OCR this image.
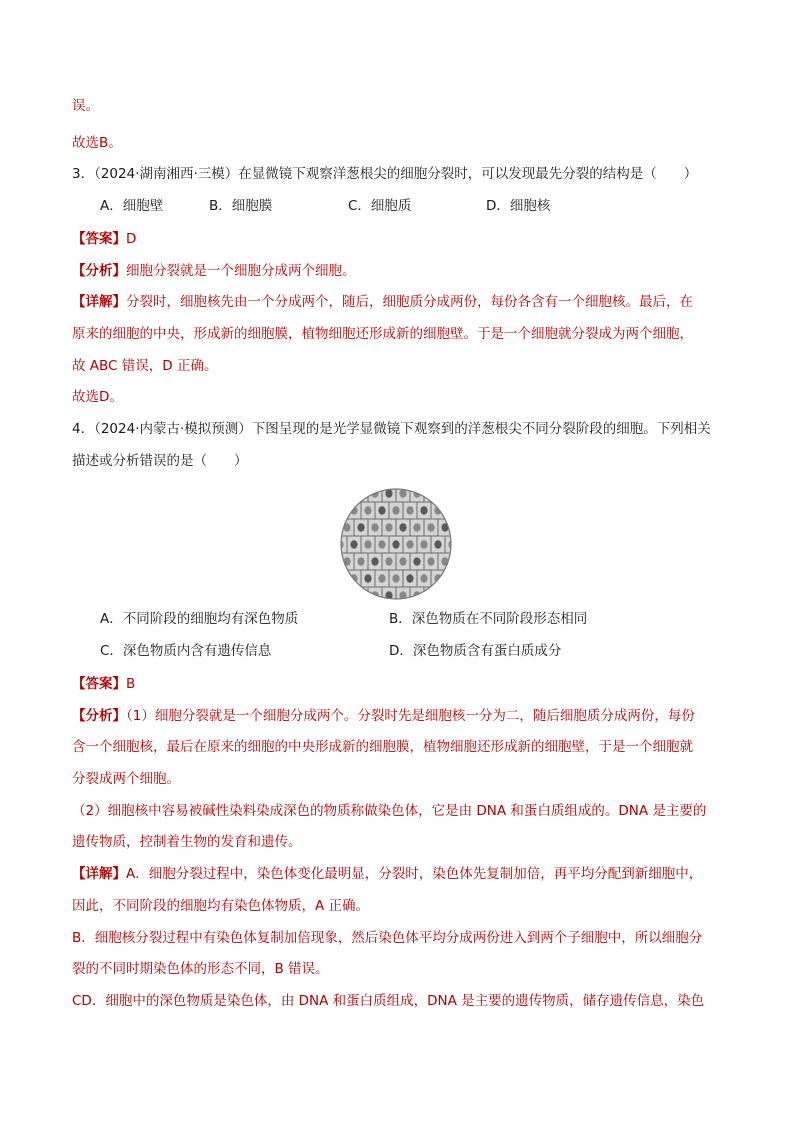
误。
故选B。
3．（2024·湖南湘西·三模）在显微镜下观察洋葱根尖的细胞分裂时，可以发现最先分裂的结构是（　　）
A．细胞壁	B．细胞膜	C．细胞质	D．细胞核
【答案】D
【分析】细胞分裂就是一个细胞分成两个细胞。
【详解】分裂时，细胞核先由一个分成两个，随后，细胞质分成两份，每份各含有一个细胞核。最后，在
原来的细胞的中央，形成新的细胞膜，植物细胞还形成新的细胞壁。于是一个细胞就分裂成为两个细胞，
故 ABC 错误，D 正确。
故选D。
4．（2024·内蒙古·模拟预测）下图呈现的是光学显微镜下观察到的洋葱根尖不同分裂阶段的细胞。下列相关
描述或分析错误的是（　　）
A．不同阶段的细胞均有深色物质	B．深色物质在不同阶段形态相同
C．深色物质内含有遗传信息	D．深色物质含有蛋白质成分
【答案】B
【分析】（1）细胞分裂就是一个细胞分成两个。分裂时先是细胞核一分为二，随后细胞质分成两份，每份
含一个细胞核，最后在原来的细胞的中央形成新的细胞膜，植物细胞还形成新的细胞壁，于是一个细胞就
分裂成两个细胞。
（2）细胞核中容易被碱性染料染成深色的物质称做染色体，它是由 DNA 和蛋白质组成的。DNA 是主要的
遗传物质，控制着生物的发育和遗传。
【详解】A．细胞分裂过程中，染色体变化最明显，分裂时，染色体先复制加倍，再平均分配到新细胞中，
因此，不同阶段的细胞均有染色体物质，A 正确。
B．细胞核分裂过程中有染色体复制加倍现象，然后染色体平均分成两份进入到两个子细胞中，所以细胞分
裂的不同时期染色体的形态不同，B 错误。
CD．细胞中的深色物质是染色体，由 DNA 和蛋白质组成，DNA 是主要的遗传物质，储存遗传信息，染色
